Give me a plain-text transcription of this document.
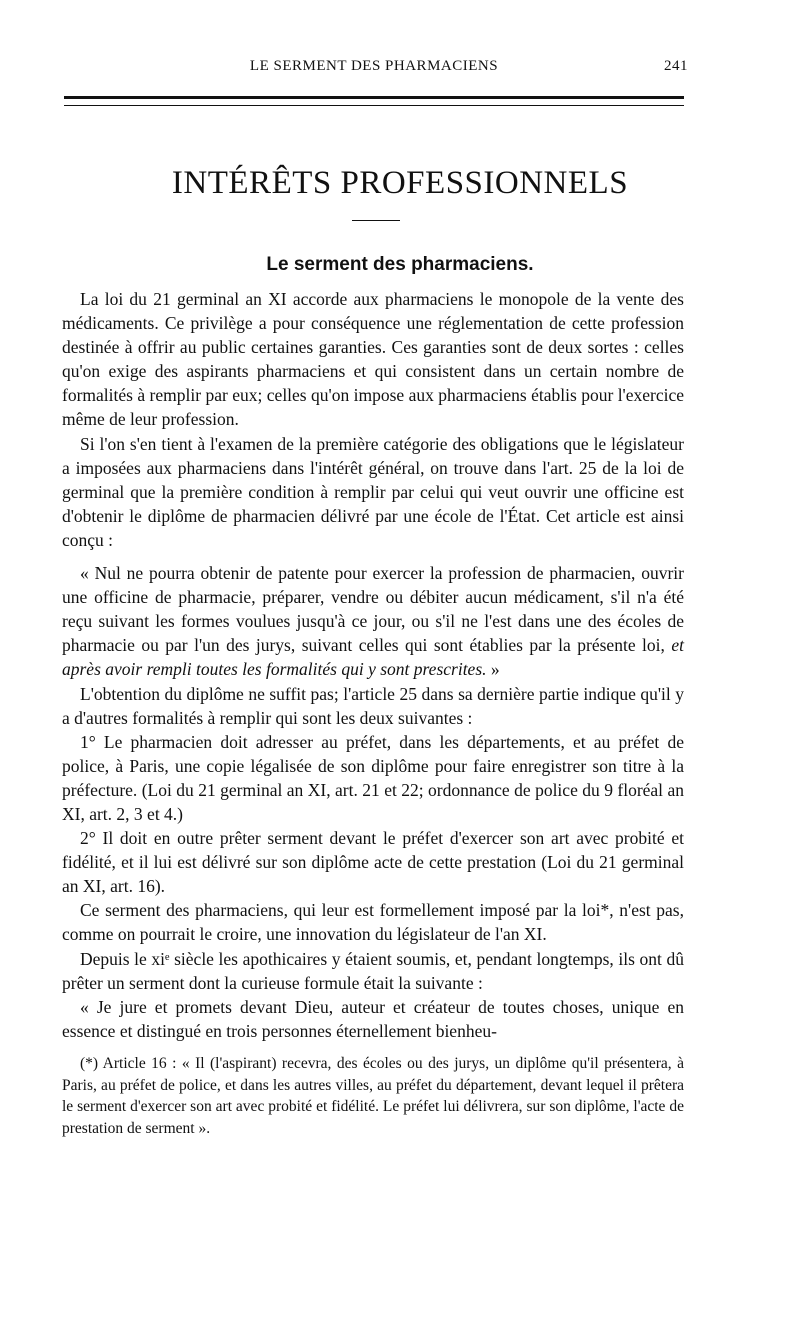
LE SERMENT DES PHARMACIENS	241
INTÉRÊTS PROFESSIONNELS
Le serment des pharmaciens.

La loi du 21 germinal an XI accorde aux pharmaciens le monopole de la vente des médicaments. Ce privilège a pour conséquence une réglementation de cette profession destinée à offrir au public certaines garanties. Ces garanties sont de deux sortes : celles qu'on exige des aspirants pharmaciens et qui consistent dans un certain nombre de formalités à remplir par eux; celles qu'on impose aux pharmaciens établis pour l'exercice même de leur profession.

Si l'on s'en tient à l'examen de la première catégorie des obligations que le législateur a imposées aux pharmaciens dans l'intérêt général, on trouve dans l'art. 25 de la loi de germinal que la première condition à remplir par celui qui veut ouvrir une officine est d'obtenir le diplôme de pharmacien délivré par une école de l'État. Cet article est ainsi conçu :

« Nul ne pourra obtenir de patente pour exercer la profession de pharmacien, ouvrir une officine de pharmacie, préparer, vendre ou débiter aucun médicament, s'il n'a été reçu suivant les formes voulues jusqu'à ce jour, ou s'il ne l'est dans une des écoles de pharmacie ou par l'un des jurys, suivant celles qui sont établies par la présente loi, et après avoir rempli toutes les formalités qui y sont prescrites. »

L'obtention du diplôme ne suffit pas; l'article 25 dans sa dernière partie indique qu'il y a d'autres formalités à remplir qui sont les deux suivantes :

1° Le pharmacien doit adresser au préfet, dans les départements, et au préfet de police, à Paris, une copie légalisée de son diplôme pour faire enregistrer son titre à la préfecture. (Loi du 21 germinal an XI, art. 21 et 22; ordonnance de police du 9 floréal an XI, art. 2, 3 et 4.)

2° Il doit en outre prêter serment devant le préfet d'exercer son art avec probité et fidélité, et il lui est délivré sur son diplôme acte de cette prestation (Loi du 21 germinal an XI, art. 16).

Ce serment des pharmaciens, qui leur est formellement imposé par la loi*, n'est pas, comme on pourrait le croire, une innovation du législateur de l'an XI.

Depuis le xiᵉ siècle les apothicaires y étaient soumis, et, pendant longtemps, ils ont dû prêter un serment dont la curieuse formule était la suivante :

« Je jure et promets devant Dieu, auteur et créateur de toutes choses, unique en essence et distingué en trois personnes éternellement bienheu-

(*) Article 16 : « Il (l'aspirant) recevra, des écoles ou des jurys, un diplôme qu'il présentera, à Paris, au préfet de police, et dans les autres villes, au préfet du département, devant lequel il prêtera le serment d'exercer son art avec probité et fidélité. Le préfet lui délivrera, sur son diplôme, l'acte de prestation de serment ».
